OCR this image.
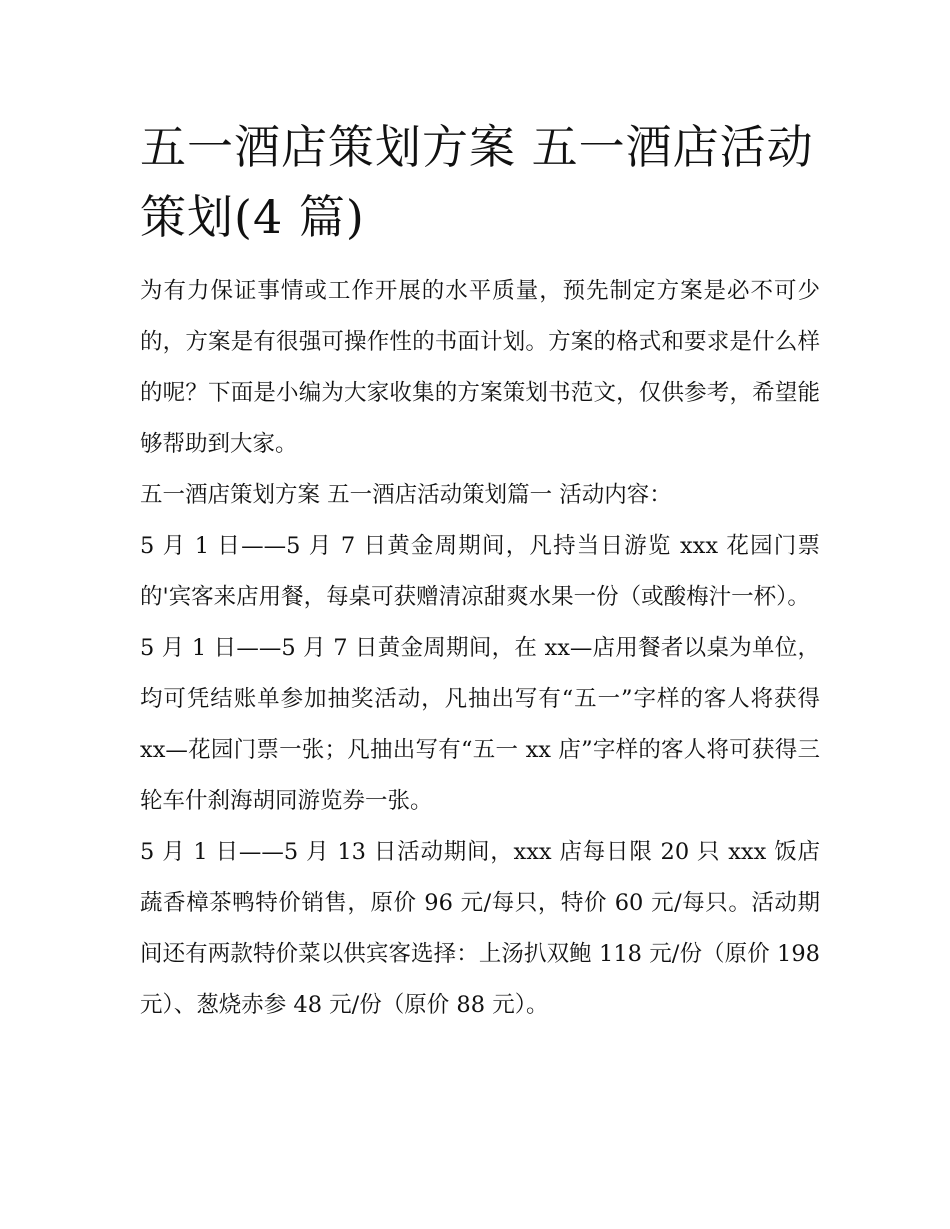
五一酒店策划方案 五一酒店活动策划(4 篇)

为有力保证事情或工作开展的水平质量，预先制定方案是必不可少的，方案是有很强可操作性的书面计划。方案的格式和要求是什么样的呢？下面是小编为大家收集的方案策划书范文，仅供参考，希望能够帮助到大家。

五一酒店策划方案 五一酒店活动策划篇一 活动内容：

5 月 1 日——5 月 7 日黄金周期间，凡持当日游览 xxx 花园门票的'宾客来店用餐，每桌可获赠清凉甜爽水果一份（或酸梅汁一杯）。

5 月 1 日——5 月 7 日黄金周期间，在 xx—店用餐者以桌为单位，均可凭结账单参加抽奖活动，凡抽出写有“五一”字样的客人将获得 xx—花园门票一张；凡抽出写有“五一 xx 店”字样的客人将可获得三轮车什刹海胡同游览券一张。

5 月 1 日——5 月 13 日活动期间，xxx 店每日限 20 只 xxx 饭店蔬香樟茶鸭特价销售，原价 96 元/每只，特价 60 元/每只。活动期间还有两款特价菜以供宾客选择：上汤扒双鲍 118 元/份（原价 198 元）、葱烧赤参 48 元/份（原价 88 元）。
